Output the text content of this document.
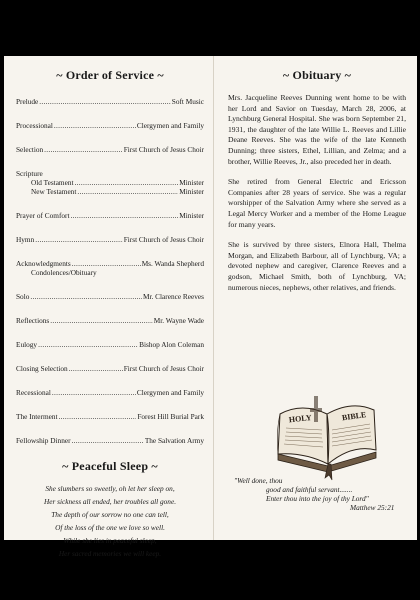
~ Order of Service ~
Prelude .....	Soft Music
Processional .....	Clergymen and Family
Selection .....	First Church of Jesus Choir
Scripture
Old Testament .....	Minister
New Testament .....	Minister
Prayer of Comfort .....	Minister
Hymn .....	First Church of Jesus Choir
Acknowledgments .....	Ms. Wanda Shepherd
Condolences/Obituary
Solo .....	Mr. Clarence Reeves
Reflections .....	Mr. Wayne Wade
Eulogy .....	Bishop Alon Coleman
Closing Selection .....	First Church of Jesus Choir
Recessional .....	Clergymen and Family
The Interment .....	Forest Hill Burial Park
Fellowship Dinner .....	The Salvation Army
~ Peaceful Sleep ~
She slumbers so sweetly, oh let her sleep on,
Her sickness all ended, her troubles all gone.
The depth of our sorrow no one can tell,
Of the loss of the one we love so well.
While she lies in peaceful sleep,
Her sacred memories we will keep.
~ Obituary ~

Mrs. Jacqueline Reeves Dunning went home to be with her Lord and Savior on Tuesday, March 28, 2006, at Lynchburg General Hospital. She was born September 21, 1931, the daughter of the late Willie L. Reeves and Lillie Deane Reeves. She was the wife of the late Kenneth Dunning; three sisters, Ethel, Lillian, and Zelma; and a brother, Willie Reeves, Jr., also preceded her in death.

She retired from General Electric and Ericsson Companies after 28 years of service. She was a regular worshipper of the Salvation Army where she served as a Legal Mercy Worker and a member of the Home League for many years.

She is survived by three sisters, Elnora Hall, Thelma Morgan, and Elizabeth Barbour, all of Lynchburg, VA; a devoted nephew and caregiver, Clarence Reeves and a godson, Michael Smith, both of Lynchburg, VA; numerous nieces, nephews, other relatives, and friends.

HOLY	BIBLE
"Well done, thou
good and faithful servant.......
Enter thou into the joy of thy Lord"
Matthew 25:21
